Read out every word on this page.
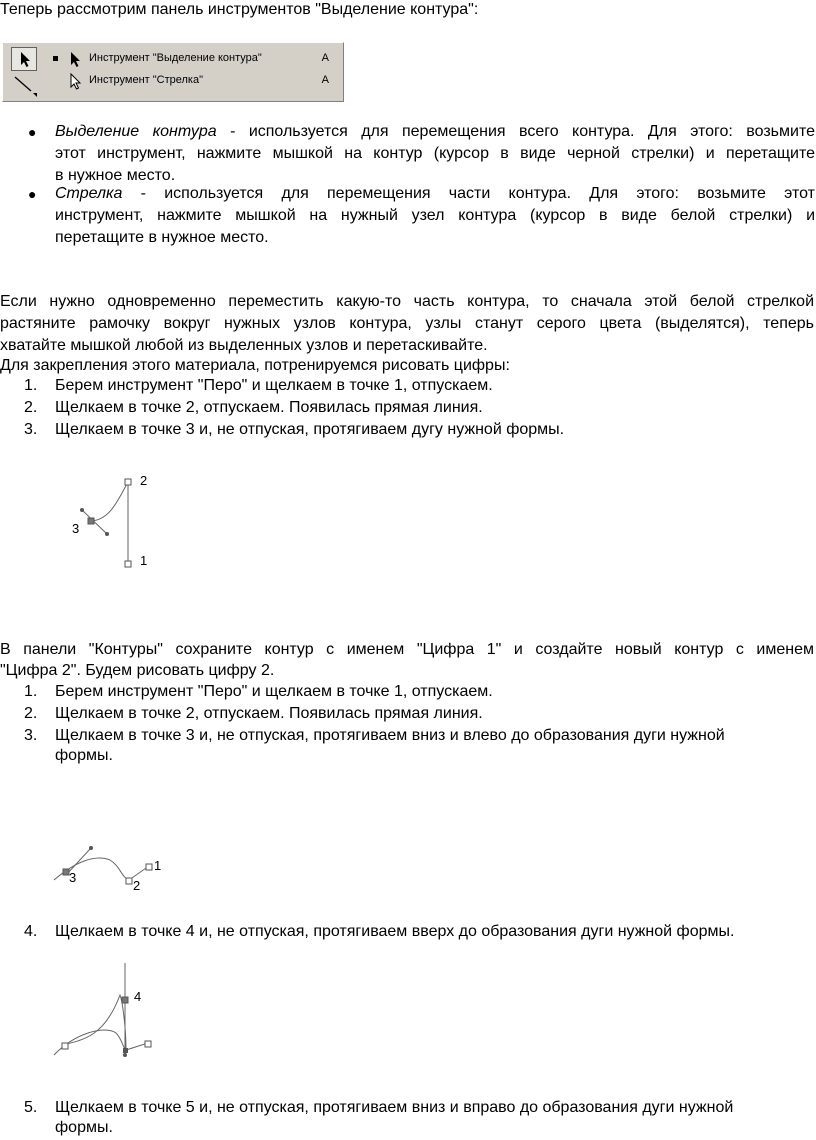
Теперь рассмотрим панель инструментов "Выделение контура":
Инструмент "Выделение контура"	A
Инструмент "Стрелка"	A
● Выделение контура - используется для перемещения всего контура. Для этого: возьмите
этот инструмент, нажмите мышкой на контур (курсор в виде черной стрелки) и перетащите
в нужное место.
● Стрелка - используется для перемещения части контура. Для этого: возьмите этот
инструмент, нажмите мышкой на нужный узел контура (курсор в виде белой стрелки) и
перетащите в нужное место.
Если нужно одновременно переместить какую-то часть контура, то сначала этой белой стрелкой
растяните рамочку вокруг нужных узлов контура, узлы станут серого цвета (выделятся), теперь
хватайте мышкой любой из выделенных узлов и перетаскивайте.
Для закрепления этого материала, потренируемся рисовать цифры:
1. Берем инструмент "Перо" и щелкаем в точке 1, отпускаем.
2. Щелкаем в точке 2, отпускаем. Появилась прямая линия.
3. Щелкаем в точке 3 и, не отпуская, протягиваем дугу нужной формы.
2
3
1
В панели "Контуры" сохраните контур с именем "Цифра 1" и создайте новый контур с именем
"Цифра 2". Будем рисовать цифру 2.
1. Берем инструмент "Перо" и щелкаем в точке 1, отпускаем.
2. Щелкаем в точке 2, отпускаем. Появилась прямая линия.
3. Щелкаем в точке 3 и, не отпуская, протягиваем вниз и влево до образования дуги нужной
формы.
1
2
3
4. Щелкаем в точке 4 и, не отпуская, протягиваем вверх до образования дуги нужной формы.
4
5. Щелкаем в точке 5 и, не отпуская, протягиваем вниз и вправо до образования дуги нужной
формы.
